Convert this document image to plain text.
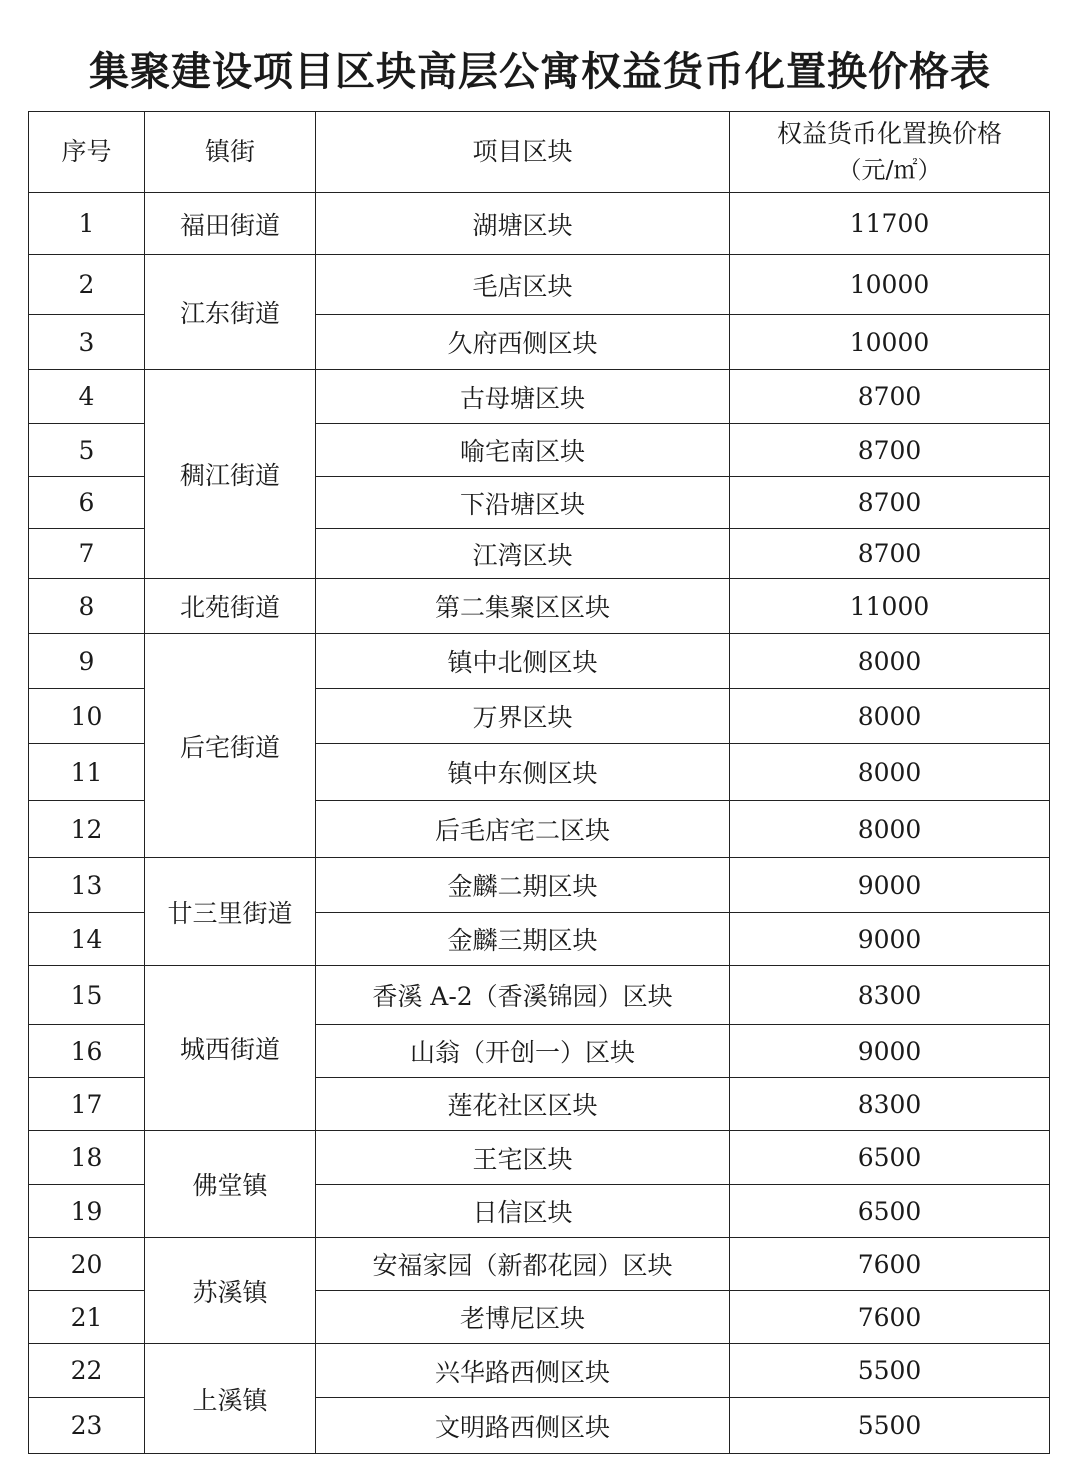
集聚建设项目区块高层公寓权益货币化置换价格表
序号	镇街	项目区块	权益货币化置换价格
（元/㎡）

1	福田街道	湖塘区块	11700
2	江东街道	毛店区块	10000
3		久府西侧区块	10000
4	稠江街道	古母塘区块	8700
5		喻宅南区块	8700
6		下沿塘区块	8700
7		江湾区块	8700
8	北苑街道	第二集聚区区块	11000
9	后宅街道	镇中北侧区块	8000
10		万界区块	8000
11		镇中东侧区块	8000
12		后毛店宅二区块	8000
13	廿三里街道	金麟二期区块	9000
14		金麟三期区块	9000
15	城西街道	香溪 A-2（香溪锦园）区块	8300
16		山翁（开创一）区块	9000
17		莲花社区区块	8300
18	佛堂镇	王宅区块	6500
19		日信区块	6500
20	苏溪镇	安福家园（新都花园）区块	7600
21		老博尼区块	7600
22	上溪镇	兴华路西侧区块	5500
23		文明路西侧区块	5500
